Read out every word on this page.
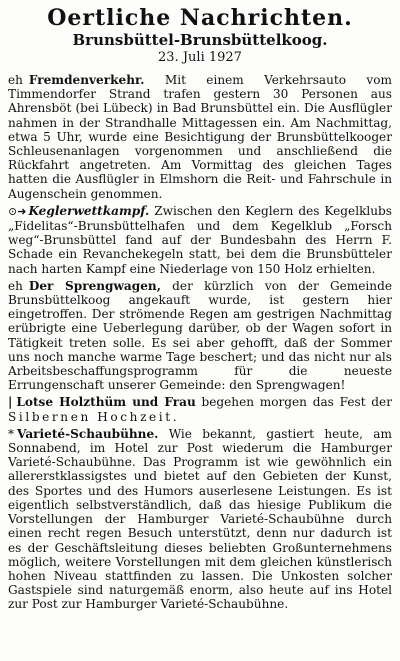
Oertliche Nachrichten.
Brunsbüttel-Brunsbüttelkoog.
23. Juli 1927

eh Fremdenverkehr. Mit einem Verkehrsauto vom Timmendorfer Strand trafen gestern 30 Personen aus Ahrensböt (bei Lübeck) in Bad Brunsbüttel ein. Die Ausflügler nahmen in der Strandhalle Mittagessen ein. Am Nachmittag, etwa 5 Uhr, wurde eine Besichtigung der Brunsbüttelkooger Schleusenanlagen vorgenommen und anschließend die Rückfahrt angetreten. Am Vormittag des gleichen Tages hatten die Ausflügler in Elmshorn die Reit- und Fahrschule in Augenschein genommen.

⊙➜ Keglerwettkampf. Zwischen den Keglern des Kegelklubs „Fidelitas“-Brunsbüttelhafen und dem Kegelklub „Forsch weg“-Brunsbüttel fand auf der Bundesbahn des Herrn F. Schade ein Revanchekegeln statt, bei dem die Brunsbütteler nach harten Kampf eine Niederlage von 150 Holz erhielten.

eh Der Sprengwagen, der kürzlich von der Gemeinde Brunsbüttelkoog angekauft wurde, ist gestern hier eingetroffen. Der strömende Regen am gestrigen Nachmittag erübrigte eine Ueberlegung darüber, ob der Wagen sofort in Tätigkeit treten solle. Es sei aber gehofft, daß der Sommer uns noch manche warme Tage beschert; und das nicht nur als Arbeitsbeschaffungsprogramm für die neueste Errungenschaft unserer Gemeinde: den Sprengwagen!

| Lotse Holzthüm und Frau begehen morgen das Fest der Silbernen Hochzeit.

* Varieté-Schaubühne. Wie bekannt, gastiert heute, am Sonnabend, im Hotel zur Post wiederum die Hamburger Varieté-Schaubühne. Das Programm ist wie gewöhnlich ein allererstklassigstes und bietet auf den Gebieten der Kunst, des Sportes und des Humors auserlesene Leistungen. Es ist eigentlich selbstverständlich, daß das hiesige Publikum die Vorstellungen der Hamburger Varieté-Schaubühne durch einen recht regen Besuch unterstützt, denn nur dadurch ist es der Geschäftsleitung dieses beliebten Großunternehmens möglich, weitere Vorstellungen mit dem gleichen künstlerisch hohen Niveau stattfinden zu lassen. Die Unkosten solcher Gastspiele sind naturgemäß enorm, also heute auf ins Hotel zur Post zur Hamburger Varieté-Schaubühne.
